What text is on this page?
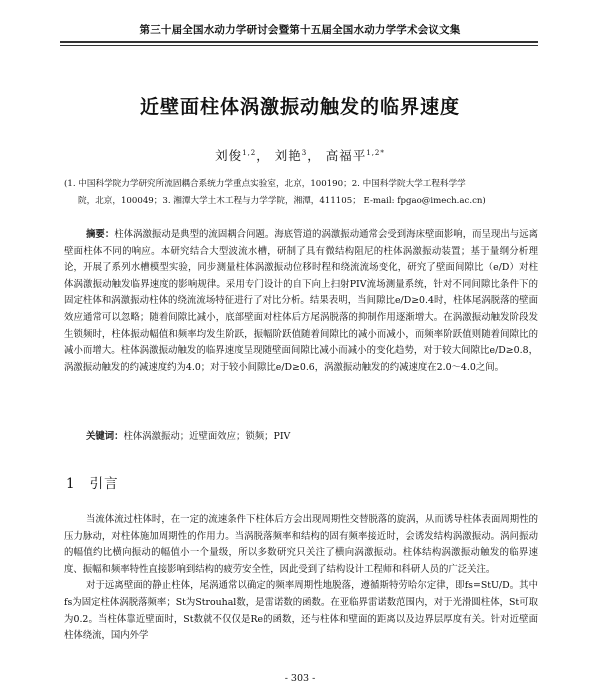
第三十届全国水动力学研讨会暨第十五届全国水动力学学术会议文集
近壁面柱体涡激振动触发的临界速度
刘俊$^{1,2}$， 刘艳$^3$， 高福平$^{1,2*}$
(1. 中国科学院力学研究所流固耦合系统力学重点实验室，北京，100190；2. 中国科学院大学工程科学学
院，北京，100049；3. 湘潭大学土木工程与力学学院，湘潭，411105； E-mail: fpgao@imech.ac.cn)
摘要：柱体涡激振动是典型的流固耦合问题。海底管道的涡激振动通常会受到海床壁面影响，而呈现出与远离壁面柱体不同的响应。本研究结合大型波流水槽，研制了具有微结构阻尼的柱体涡激振动装置；基于量纲分析理论，开展了系列水槽模型实验，同步测量柱体涡激振动位移时程和绕流流场变化，研究了壁面间隙比（e/D）对柱体涡激振动触发临界速度的影响规律。采用专门设计的自下向上扫射PIV流场测量系统，针对不同间隙比条件下的固定柱体和涡激振动柱体的绕流流场特征进行了对比分析。结果表明，当间隙比e/D≥0.4时，柱体尾涡脱落的壁面效应通常可以忽略；随着间隙比减小，底部壁面对柱体后方尾涡脱落的抑制作用逐渐增大。在涡激振动触发阶段发生锁频时，柱体振动幅值和频率均发生阶跃，振幅阶跃值随着间隙比的减小而减小，而频率阶跃值则随着间隙比的减小而增大。柱体涡激振动触发的临界速度呈现随壁面间隙比减小而减小的变化趋势，对于较大间隙比e/D≥0.8，涡激振动触发的约减速度约为4.0；对于较小间隙比e/D≥0.6，涡激振动触发的约减速度在2.0～4.0之间。
关键词：柱体涡激振动；近壁面效应；锁频；PIV
1 引言

当流体流过柱体时，在一定的流速条件下柱体后方会出现周期性交替脱落的旋涡，从而诱导柱体表面周期性的压力脉动，对柱体施加周期性的作用力。当涡脱落频率和结构的固有频率接近时，会诱发结构涡激振动。涡问振动的幅值约比横向振动的幅值小一个量级，所以多数研究只关注了横向涡激振动。柱体结构涡激振动触发的临界速度、振幅和频率特性直接影响到结构的疲劳安全性，因此受到了结构设计工程师和科研人员的广泛关注。

对于远离壁面的静止柱体，尾涡通常以确定的频率周期性地脱落，遵循斯特劳哈尔定律，即fs=StU/D。其中fs为固定柱体涡脱落频率；St为Strouhal数，是雷诺数的函数。在亚临界雷诺数范围内，对于光滑圆柱体，St可取为0.2。当柱体靠近壁面时，St数就不仅仅是Re的函数，还与柱体和壁面的距离以及边界层厚度有关。针对近壁面柱体绕流，国内外学

- 303 -
